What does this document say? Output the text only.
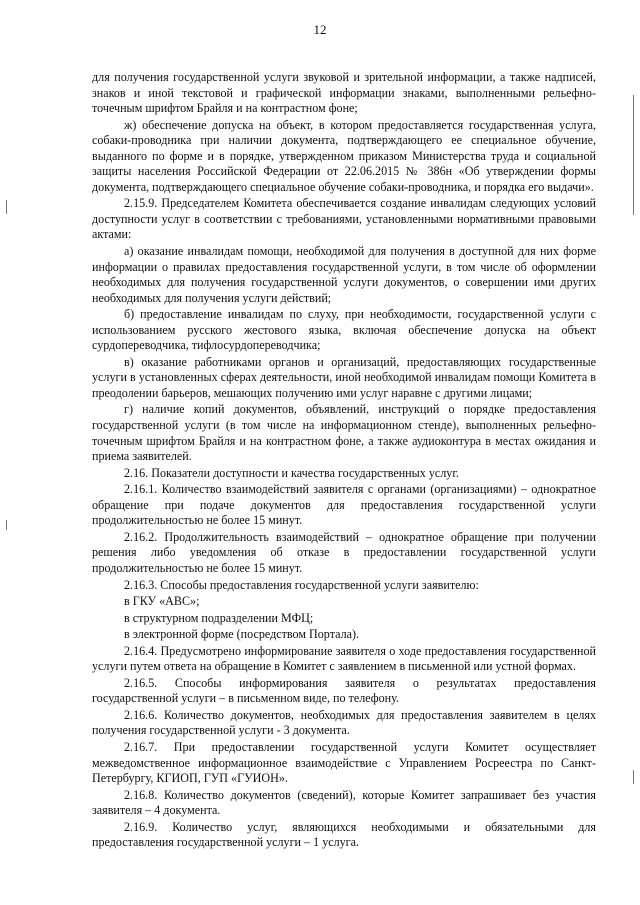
12

для получения государственной услуги звуковой и зрительной информации, а также надписей, знаков и иной текстовой и графической информации знаками, выполненными рельефно-точечным шрифтом Брайля и на контрастном фоне;

ж) обеспечение допуска на объект, в котором предоставляется государственная услуга, собаки-проводника при наличии документа, подтверждающего ее специальное обучение, выданного по форме и в порядке, утвержденном приказом Министерства труда и социальной защиты населения Российской Федерации от 22.06.2015 № 386н «Об утверждении формы документа, подтверждающего специальное обучение собаки-проводника, и порядка его выдачи».

2.15.9. Председателем Комитета обеспечивается создание инвалидам следующих условий доступности услуг в соответствии с требованиями, установленными нормативными правовыми актами:

а) оказание инвалидам помощи, необходимой для получения в доступной для них форме информации о правилах предоставления государственной услуги, в том числе об оформлении необходимых для получения государственной услуги документов, о совершении ими других необходимых для получения услуги действий;

б) предоставление инвалидам по слуху, при необходимости, государственной услуги с использованием русского жестового языка, включая обеспечение допуска на объект сурдопереводчика, тифлосурдопереводчика;

в) оказание работниками органов и организаций, предоставляющих государственные услуги в установленных сферах деятельности, иной необходимой инвалидам помощи Комитета в преодолении барьеров, мешающих получению ими услуг наравне с другими лицами;

г) наличие копий документов, объявлений, инструкций о порядке предоставления государственной услуги (в том числе на информационном стенде), выполненных рельефно-точечным шрифтом Брайля и на контрастном фоне, а также аудиоконтура в местах ожидания и приема заявителей.

2.16. Показатели доступности и качества государственных услуг.

2.16.1. Количество взаимодействий заявителя с органами (организациями) – однократное обращение при подаче документов для предоставления государственной услуги продолжительностью не более 15 минут.

2.16.2. Продолжительность взаимодействий – однократное обращение при получении решения либо уведомления об отказе в предоставлении государственной услуги продолжительностью не более 15 минут.

2.16.3. Способы предоставления государственной услуги заявителю:

в ГКУ «АВС»;

в структурном подразделении МФЦ;

в электронной форме (посредством Портала).

2.16.4. Предусмотрено информирование заявителя о ходе предоставления государственной услуги путем ответа на обращение в Комитет с заявлением в письменной или устной формах.

2.16.5. Способы информирования заявителя о результатах предоставления государственной услуги – в письменном виде, по телефону.

2.16.6. Количество документов, необходимых для предоставления заявителем в целях получения государственной услуги - 3 документа.

2.16.7. При предоставлении государственной услуги Комитет осуществляет межведомственное информационное взаимодействие с Управлением Росреестра по Санкт-Петербургу, КГИОП, ГУП «ГУИОН».

2.16.8. Количество документов (сведений), которые Комитет запрашивает без участия заявителя – 4 документа.

2.16.9. Количество услуг, являющихся необходимыми и обязательными для предоставления государственной услуги – 1 услуга.
